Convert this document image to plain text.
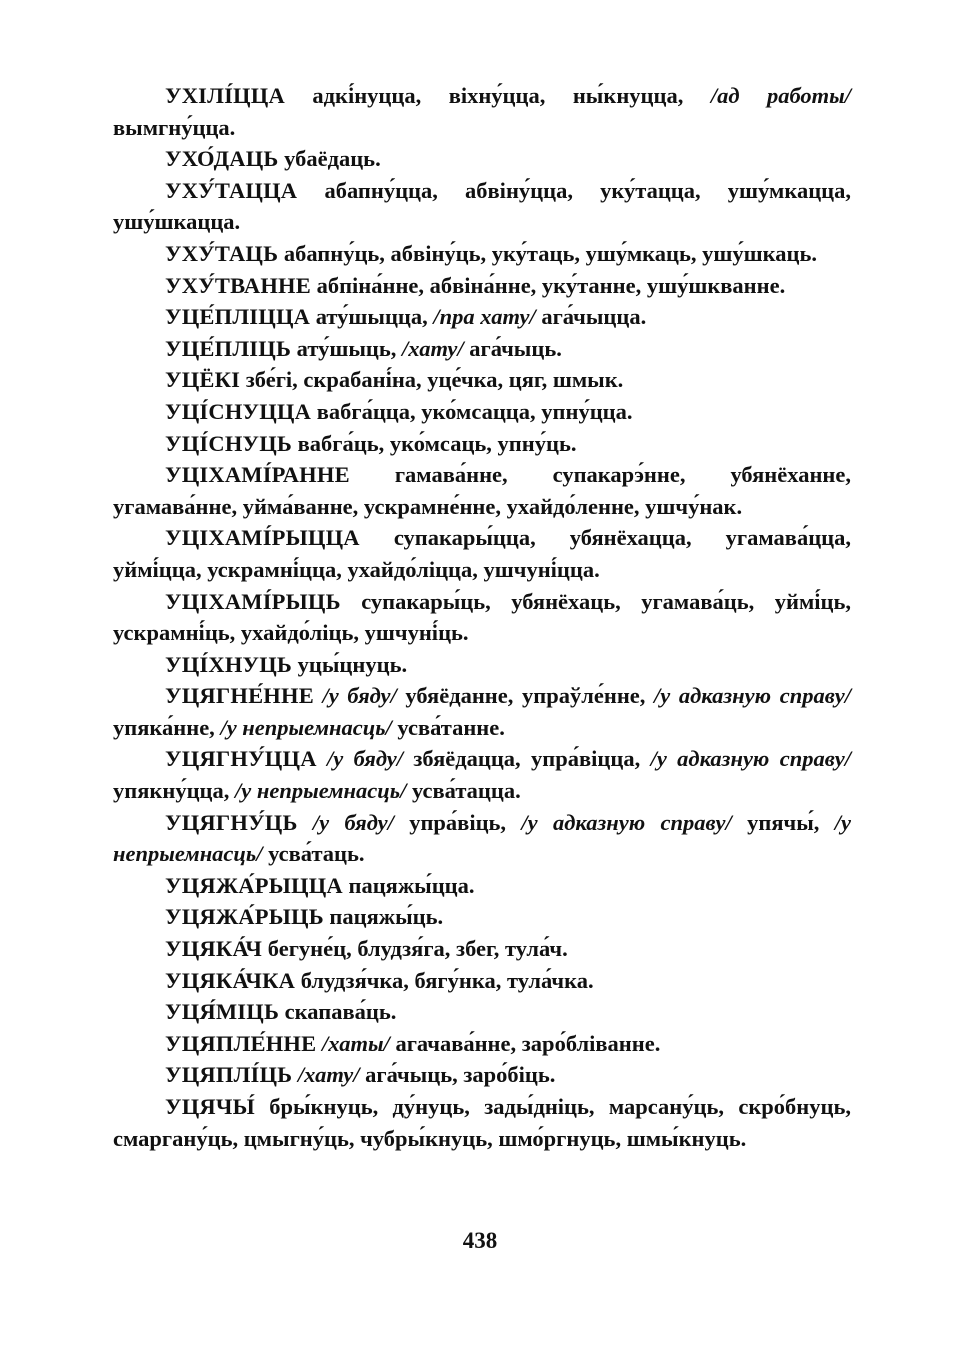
УХІЛІ́ЦЦА адкі́нуцца, віхну́цца, ны́кнуцца, /ад работы/ вымгну́цца.

УХО́ДАЦЬ убаёдаць.

УХУ́ТАЦЦА абапну́цца, абвіну́цца, уку́тацца, ушу́мкацца, ушу́шкацца.

УХУ́ТАЦЬ абапну́ць, абвіну́ць, уку́таць, ушу́мкаць, ушу́шкаць.

УХУ́ТВАННЕ абпіна́нне, абвіна́нне, уку́танне, ушу́шкванне.

УЦЕ́ПЛІЦЦА ату́шыцца, /пра хату/ ага́чыцца.

УЦЕ́ПЛІЦЬ ату́шыць, /хату/ ага́чыць.

УЦЁКІ збе́гі, скрабані́на, уце́чка, цяг, шмык.

УЦІ́СНУЦЦА вабга́цца, уко́мсацца, упну́цца.

УЦІ́СНУЦЬ вабга́ць, уко́мсаць, упну́ць.

УЦІХАМІ́РАННЕ гамава́нне, супакарэ́нне, убянёханне, угамава́нне, уйма́ванне, ускрамне́нне, ухайдо́ленне, ушчу́нак.

УЦІХАМІ́РЫЦЦА супакары́цца, убянёхацца, угамава́цца, уймі́цца, ускрамні́цца, ухайдо́ліцца, ушчуні́цца.

УЦІХАМІ́РЫЦЬ супакары́ць, убянёхаць, угамава́ць, уймі́ць, ускрамні́ць, ухайдо́ліць, ушчуні́ць.

УЦІ́ХНУЦЬ уцы́цнуць.

УЦЯГНЕ́ННЕ /у бяду/ убяёданне, упраўле́нне, /у адказную справу/ упяка́нне, /у непрыемнасць/ усва́танне.

УЦЯГНУ́ЦЦА /у бяду/ збяёдацца, упра́віцца, /у адказную справу/ упякну́цца, /у непрыемнасць/ усва́тацца.

УЦЯГНУ́ЦЬ /у бяду/ упра́віць, /у адказную справу/ упячы́, /у непрыемнасць/ усва́таць.

УЦЯЖА́РЫЦЦА пацяжы́цца.

УЦЯЖА́РЫЦЬ пацяжы́ць.

УЦЯКА́Ч бегуне́ц, блудзя́га, збег, тула́ч.

УЦЯКА́ЧКА блудзя́чка, бягу́нка, тула́чка.

УЦЯ́МІЦЬ скапава́ць.

УЦЯПЛЕ́ННЕ /хаты/ агачава́нне, заро́бліванне.

УЦЯПЛІ́ЦЬ /хату/ ага́чыць, заро́біць.

УЦЯЧЫ́ бры́кнуць, ду́нуць, зады́дніць, марсану́ць, скро́бнуць, смаргану́ць, цмыгну́ць, чубры́кнуць, шмо́ргнуць, шмы́кнуць.

438
